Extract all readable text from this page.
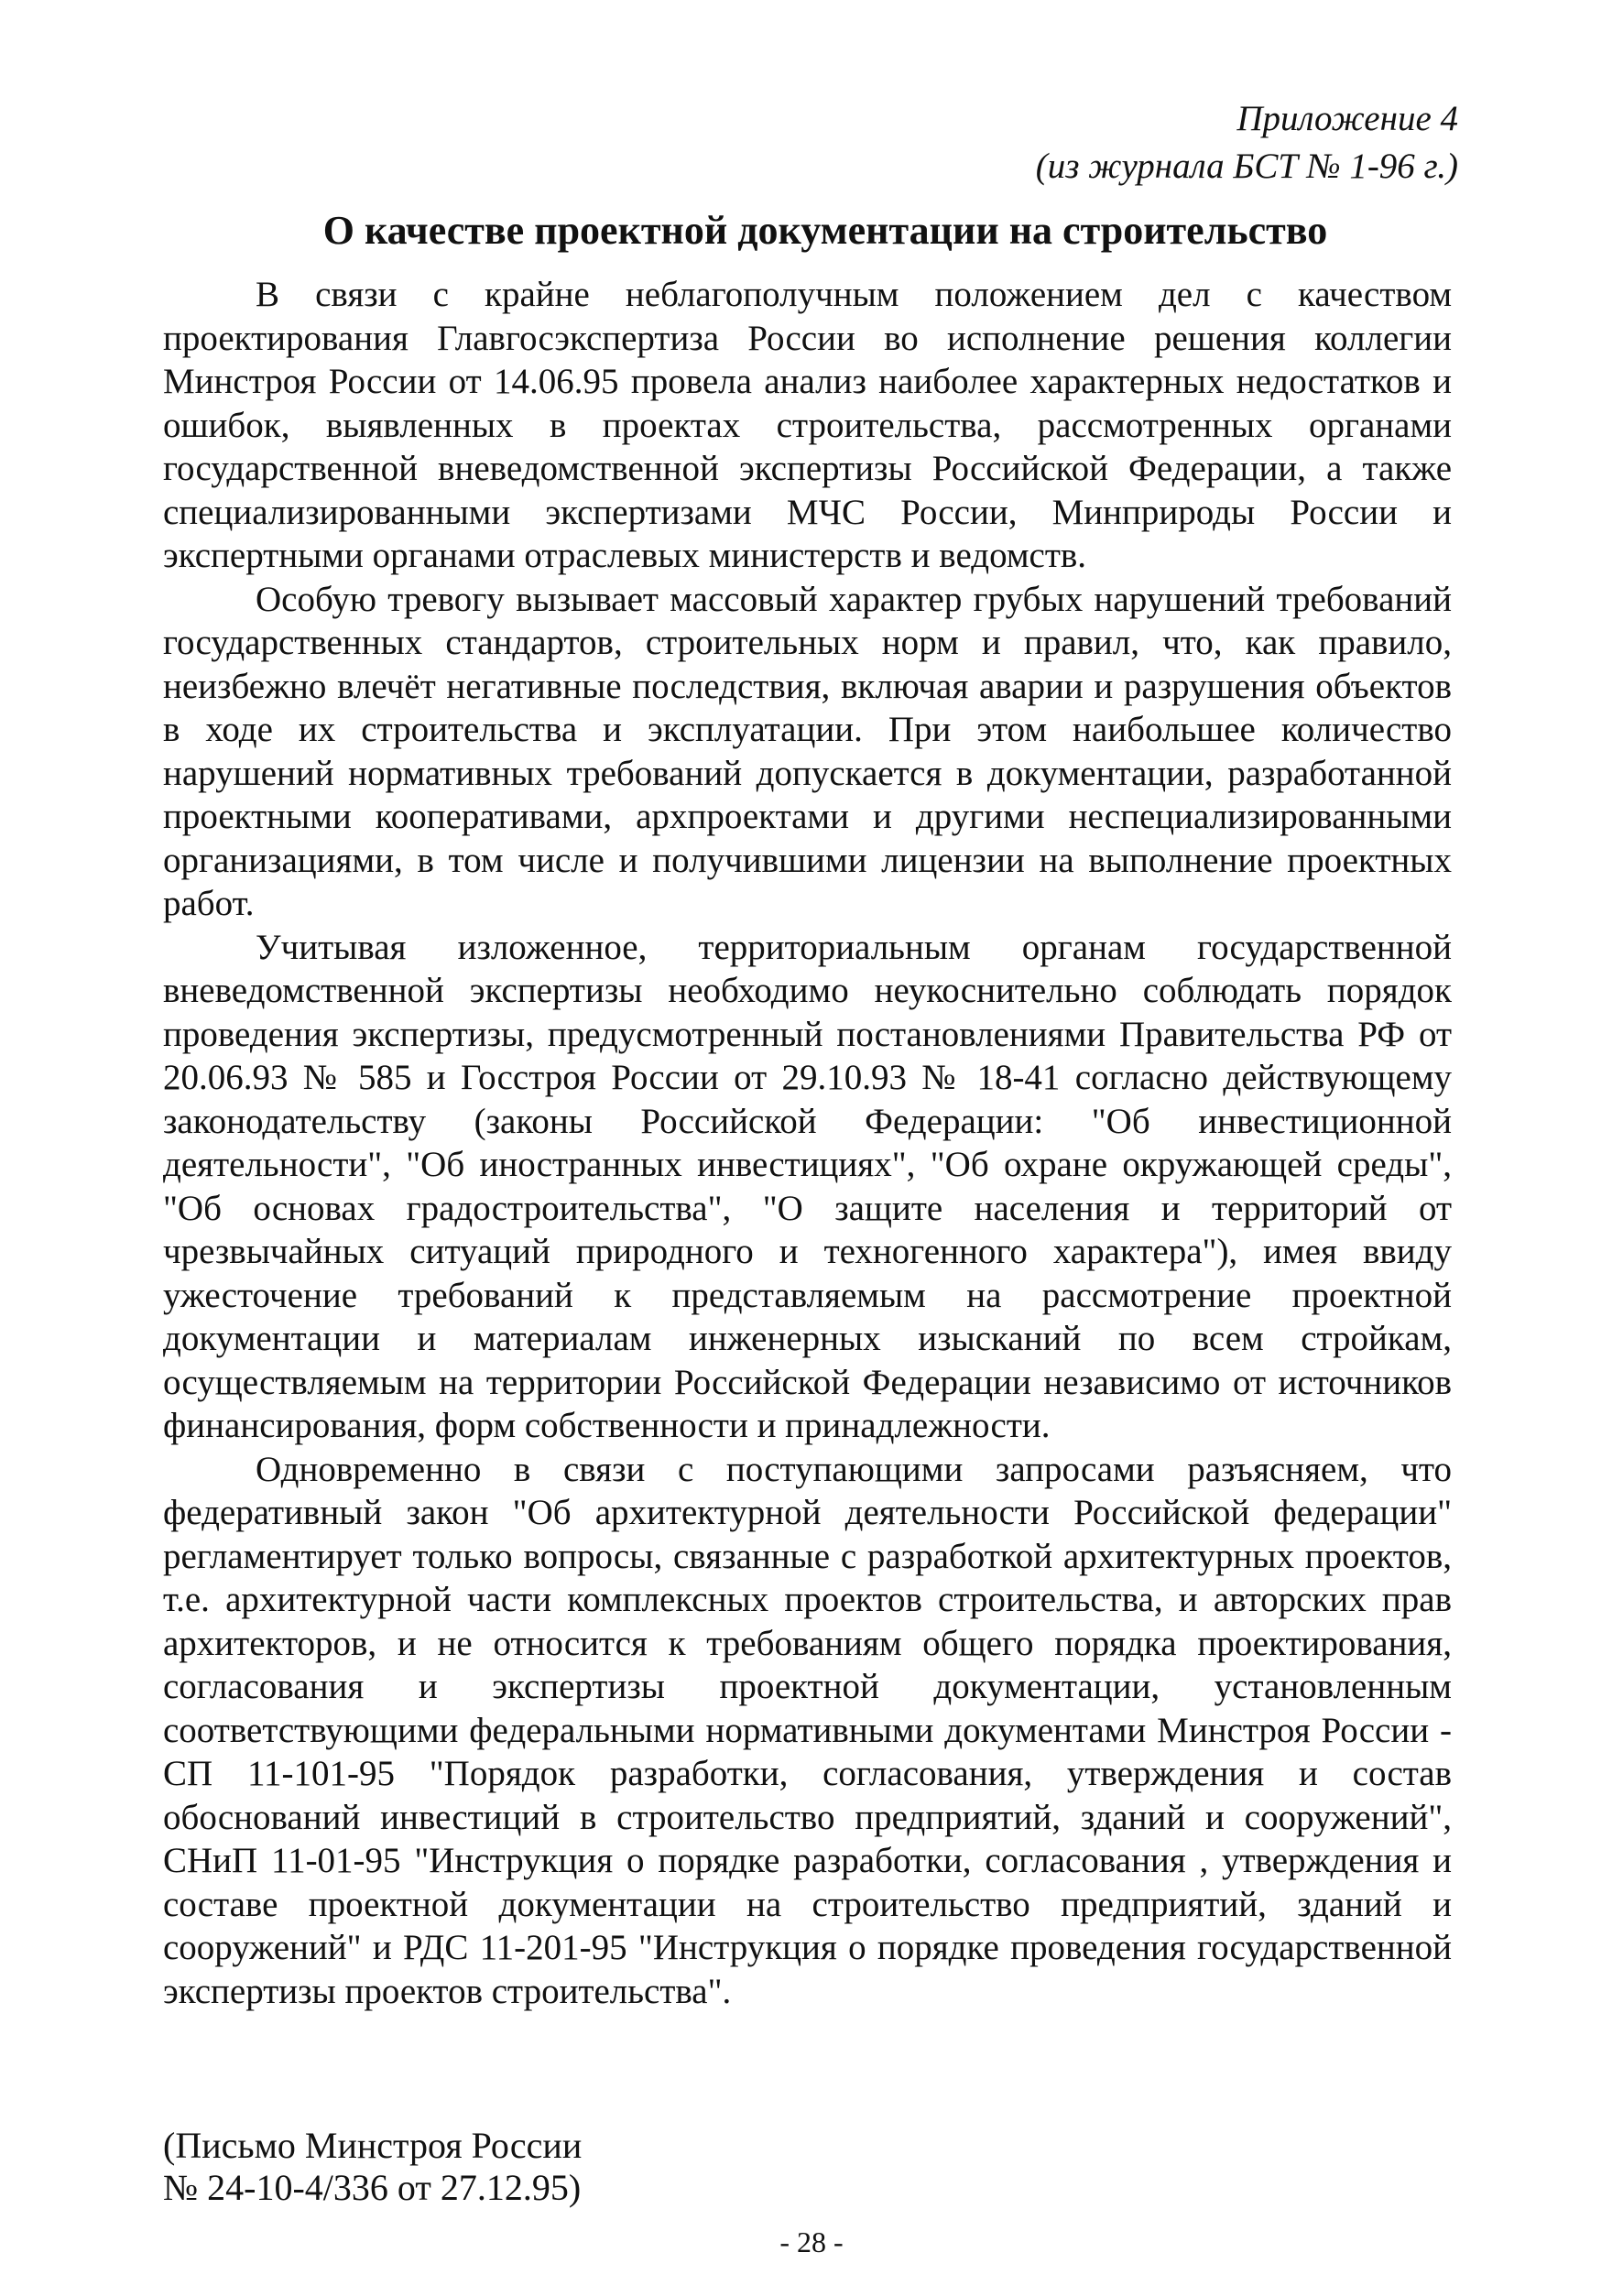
Приложение 4
(из журнала БСТ № 1-96 г.)
О качестве проектной документации на строительство

В связи с крайне неблагополучным положением дел с качеством проектирования Главгосэкспертиза России во исполнение решения коллегии Минстроя России от 14.06.95 провела анализ наиболее характерных недостатков и ошибок, выявленных в проектах строительства, рассмотренных органами государственной вневедомственной экспертизы Российской Федерации, а также специализированными экспертизами МЧС России, Минприроды России и экспертными органами отраслевых министерств и ведомств.

Особую тревогу вызывает массовый характер грубых нарушений требований государственных стандартов, строительных норм и правил, что, как правило, неизбежно влечёт негативные последствия, включая аварии и разрушения объектов в ходе их строительства и эксплуатации. При этом наибольшее количество нарушений нормативных требований допускается в документации, разработанной проектными кооперативами, архпроектами и другими неспециализированными организациями, в том числе и получившими лицензии на выполнение проектных работ.

Учитывая изложенное, территориальным органам государственной вневедомственной экспертизы необходимо неукоснительно соблюдать порядок проведения экспертизы, предусмотренный постановлениями Правительства РФ от 20.06.93 № 585 и Госстроя России от 29.10.93 № 18-41 согласно действующему законодательству (законы Российской Федерации: "Об инвестиционной деятельности", "Об иностранных инвестициях", "Об охране окружающей среды", "Об основах градостроительства", "О защите населения и территорий от чрезвычайных ситуаций природного и техногенного характера"), имея ввиду ужесточение требований к представляемым на рассмотрение проектной документации и материалам инженерных изысканий по всем стройкам, осуществляемым на территории Российской Федерации независимо от источников финансирования, форм собственности и принадлежности.

Одновременно в связи с поступающими запросами разъясняем, что федеративный закон "Об архитектурной деятельности Российской федерации" регламентирует только вопросы, связанные с разработкой архитектурных проектов, т.е. архитектурной части комплексных проектов строительства, и авторских прав архитекторов, и не относится к требованиям общего порядка проектирования, согласования и экспертизы проектной документации, установленным соответствующими федеральными нормативными документами Минстроя России - СП 11-101-95 "Порядок разработки, согласования, утверждения и состав обоснований инвестиций в строительство предприятий, зданий и сооружений", СНиП 11-01-95 "Инструкция о порядке разработки, согласования , утверждения и составе проектной документации на строительство предприятий, зданий и сооружений" и РДС 11-201-95 "Инструкция о порядке проведения государственной экспертизы проектов строительства".

(Письмо Минстроя России
№ 24-10-4/336 от 27.12.95)
- 28 -
